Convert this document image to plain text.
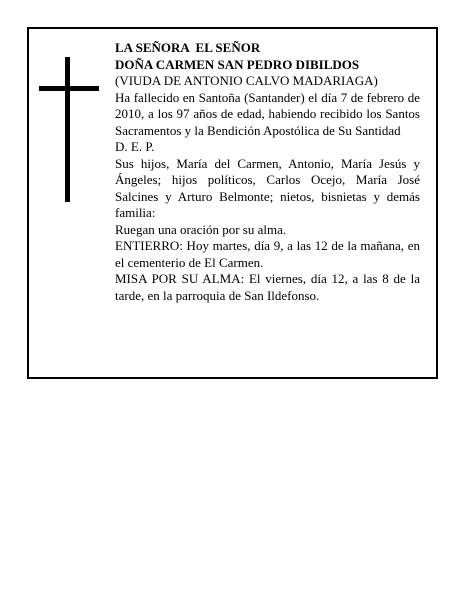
LA SEÑORA  EL SEÑOR

DOÑA CARMEN SAN PEDRO DIBILDOS

(VIUDA DE ANTONIO CALVO MADARIAGA)

Ha fallecido en Santoña (Santander) el día 7 de febrero de 2010, a los 97 años de edad, habiendo recibido los Santos Sacramentos y la Bendición Apostólica de Su Santidad

D. E. P.

Sus hijos, María del Carmen, Antonio, María Jesús y Ángeles; hijos políticos, Carlos Ocejo, María José Salcines y Arturo Belmonte; nietos, bisnietas y demás familia:

Ruegan una oración por su alma.

ENTIERRO: Hoy martes, día 9, a las 12 de la mañana, en el cementerio de El Carmen.

MISA POR SU ALMA: El viernes, día 12, a las 8 de la tarde, en la parroquia de San Ildefonso.
